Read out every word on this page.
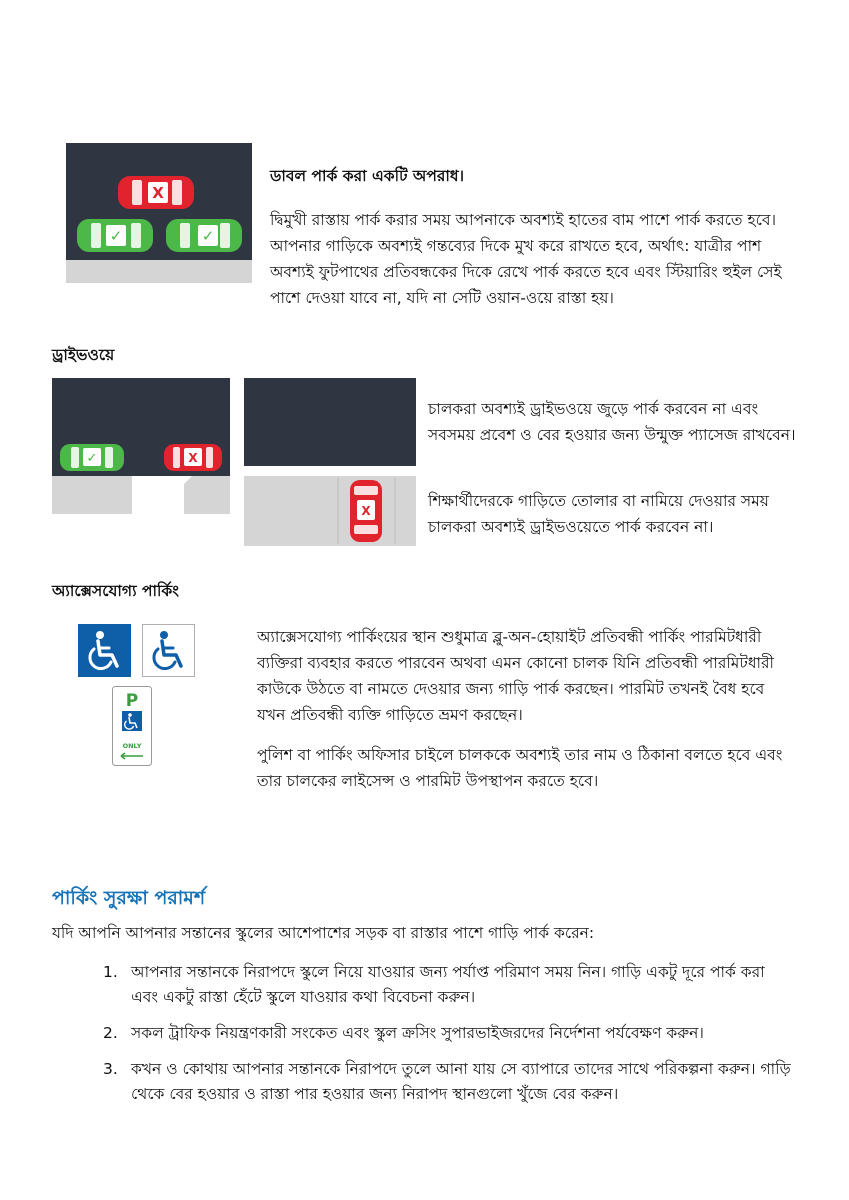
X
✓	✓

ডাবল পার্ক করা একটি অপরাধ।

দ্বিমুখী রাস্তায় পার্ক করার সময় আপনাকে অবশ্যই হাতের বাম পাশে পার্ক করতে হবে। আপনার গাড়িকে অবশ্যই গন্তব্যের দিকে মুখ করে রাখতে হবে, অর্থাৎ: যাত্রীর পাশ অবশ্যই ফুটপাথের প্রতিবন্ধকের দিকে রেখে পার্ক করতে হবে এবং স্টিয়ারিং হুইল সেই পাশে দেওয়া যাবে না, যদি না সেটি ওয়ান-ওয়ে রাস্তা হয়।

ড্রাইভওয়ে

✓	X
X

চালকরা অবশ্যই ড্রাইভওয়ে জুড়ে পার্ক করবেন না এবং সবসময় প্রবেশ ও বের হওয়ার জন্য উন্মুক্ত প্যাসেজ রাখবেন।

শিক্ষার্থীদেরকে গাড়িতে তোলার বা নামিয়ে দেওয়ার সময় চালকরা অবশ্যই ড্রাইভওয়েতে পার্ক করবেন না।

অ্যাক্সেসযোগ্য পার্কিং

P
ONLY

অ্যাক্সেসযোগ্য পার্কিংয়ের স্থান শুধুমাত্র ব্লু-অন-হোয়াইট প্রতিবন্ধী পার্কিং পারমিটধারী ব্যক্তিরা ব্যবহার করতে পারবেন অথবা এমন কোনো চালক যিনি প্রতিবন্ধী পারমিটধারী কাউকে উঠতে বা নামতে দেওয়ার জন্য গাড়ি পার্ক করছেন। পারমিট তখনই বৈধ হবে যখন প্রতিবন্ধী ব্যক্তি গাড়িতে ভ্রমণ করছেন।

পুলিশ বা পার্কিং অফিসার চাইলে চালককে অবশ্যই তার নাম ও ঠিকানা বলতে হবে এবং তার চালকের লাইসেন্স ও পারমিট উপস্থাপন করতে হবে।

পার্কিং সুরক্ষা পরামর্শ

যদি আপনি আপনার সন্তানের স্কুলের আশেপাশের সড়ক বা রাস্তার পাশে গাড়ি পার্ক করেন:

1. আপনার সন্তানকে নিরাপদে স্কুলে নিয়ে যাওয়ার জন্য পর্যাপ্ত পরিমাণ সময় নিন। গাড়ি একটু দূরে পার্ক করা এবং একটু রাস্তা হেঁটে স্কুলে যাওয়ার কথা বিবেচনা করুন।
2. সকল ট্রাফিক নিয়ন্ত্রণকারী সংকেত এবং স্কুল ক্রসিং সুপারভাইজরদের নির্দেশনা পর্যবেক্ষণ করুন।
3. কখন ও কোথায় আপনার সন্তানকে নিরাপদে তুলে আনা যায় সে ব্যাপারে তাদের সাথে পরিকল্পনা করুন। গাড়ি থেকে বের হওয়ার ও রাস্তা পার হওয়ার জন্য নিরাপদ স্থানগুলো খুঁজে বের করুন।
